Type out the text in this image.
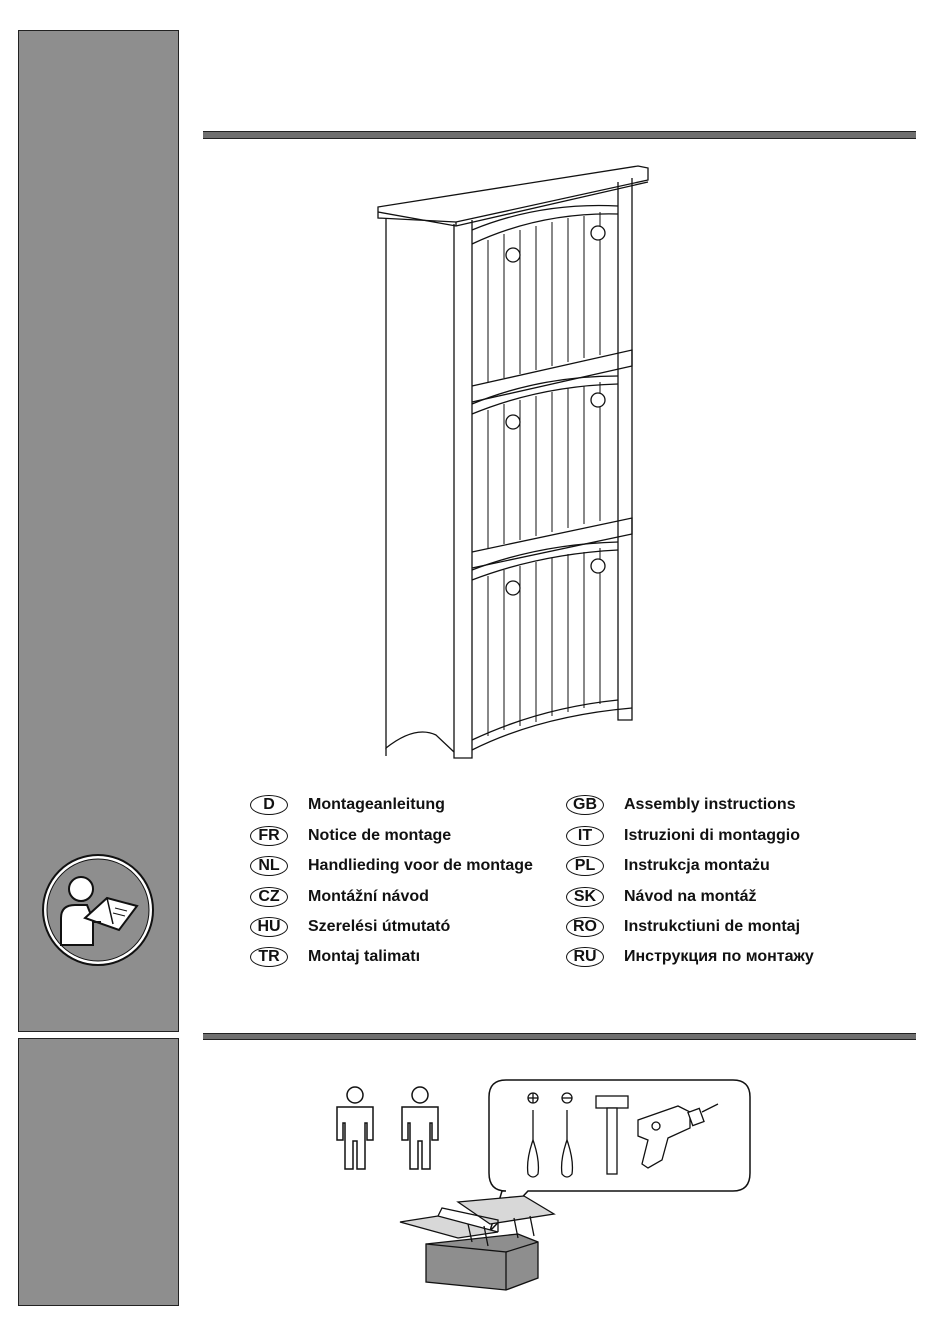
D	Montageanleitung	GB	Assembly instructions
FR	Notice de montage	IT	Istruzioni di montaggio
NL	Handlieding voor de montage	PL	Instrukcja montażu
CZ	Montážní návod	SK	Návod na montáž
HU	Szerelési útmutató	RO	Instrukctiuni de montaj
TR	Montaj talimatı	RU	Инструкция по монтажу
